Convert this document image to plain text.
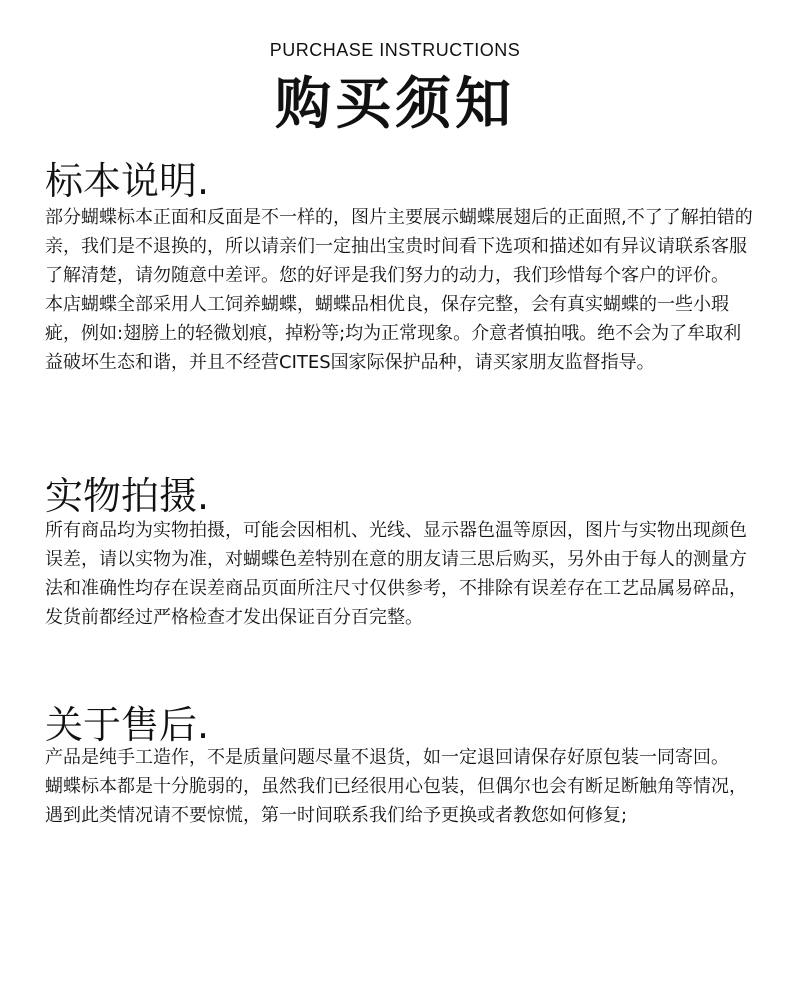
PURCHASE INSTRUCTIONS
购买须知
标本说明.

部分蝴蝶标本正面和反面是不一样的，图片主要展示蝴蝶展翅后的正面照,不了了解拍错的亲，我们是不退换的，所以请亲们一定抽出宝贵时间看下选项和描述如有异议请联系客服了解清楚，请勿随意中差评。您的好评是我们努力的动力，我们珍惜每个客户的评价。

本店蝴蝶全部采用人工饲养蝴蝶，蝴蝶品相优良，保存完整，会有真实蝴蝶的一些小瑕疵，例如:翅膀上的轻微划痕，掉粉等;均为正常现象。介意者慎拍哦。绝不会为了牟取利益破坏生态和谐，并且不经营CITES国家际保护品种，请买家朋友监督指导。

实物拍摄.

所有商品均为实物拍摄，可能会因相机、光线、显示器色温等原因，图片与实物出现颜色误差，请以实物为准，对蝴蝶色差特别在意的朋友请三思后购买，另外由于每人的测量方法和准确性均存在误差商品页面所注尺寸仅供参考，不排除有误差存在工艺品属易碎品，发货前都经过严格检查才发出保证百分百完整。

关于售后.

产品是纯手工造作，不是质量问题尽量不退货，如一定退回请保存好原包装一同寄回。

蝴蝶标本都是十分脆弱的，虽然我们已经很用心包装，但偶尔也会有断足断触角等情况，遇到此类情况请不要惊慌，第一时间联系我们给予更换或者教您如何修复;
